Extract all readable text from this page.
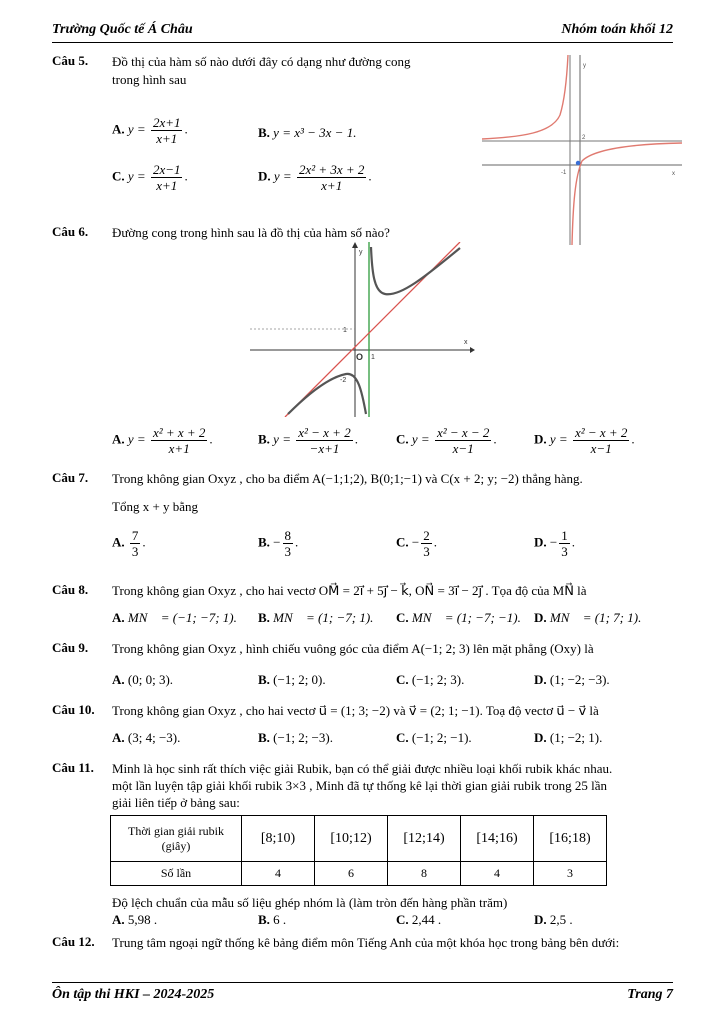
Trường Quốc tế Á Châu	Nhóm toán khối 12
Câu 5. Đồ thị của hàm số nào dưới đây có dạng như đường cong
trong hình sau
A. $y = \frac{2x+1}{x+1}$ .	B. y = x³ − 3x − 1.
C. $y = \frac{2x-1}{x+1}$ .	D. $y = \frac{\text{2x² + 3x + 2}}{x+1}$ .
y
x
2
-1
Câu 6. Đường cong trong hình sau là đồ thị của hàm số nào?
y
x
1
1
O
-2
A. $y = \frac{\text{x² + x + 2}}{x+1}$ .	B. $y = \frac{\text{x² − x + 2}}{-x+1}$ .	C. $y = \frac{\text{x² − x − 2}}{x-1}$ .	D. $y = \frac{\text{x² − x + 2}}{x-1}$ .
Câu 7. Trong không gian Oxyz , cho ba điểm A(−1;1;2), B(0;1;−1) và C(x + 2; y; −2) thẳng hàng.
Tổng x + y bằng
A. $\frac{7}{3}$ .	B. − $\frac{8}{3}$ .	C. − $\frac{2}{3}$ .	D. − $\frac{1}{3}$ .
Câu 8. Trong không gian Oxyz , cho hai vectơ OM⃗ = 2i⃗ + 5j⃗ − k⃗, ON⃗ = 3i⃗ − 2j⃗ . Tọa độ của MN⃗ là
A. MN⃗ = (−1; −7; 1). B. MN⃗ = (1; −7; 1). C. MN⃗ = (1; −7; −1). D. MN⃗ = (1; 7; 1).
Câu 9. Trong không gian Oxyz , hình chiếu vuông góc của điểm A(−1; 2; 3) lên mặt phẳng (Oxy) là
A. (0; 0; 3).	B. (−1; 2; 0).	C. (−1; 2; 3).	D. (1; −2; −3).
Câu 10. Trong không gian Oxyz , cho hai vectơ u⃗ = (1; 3; −2) và v⃗ = (2; 1; −1). Toạ độ vectơ u⃗ − v⃗ là
A. (3; 4; −3).	B. (−1; 2; −3).	C. (−1; 2; −1).	D. (1; −2; 1).
Câu 11. Minh là học sinh rất thích việc giải Rubik, bạn có thể giải được nhiều loại khối rubik khác nhau.
một lần luyện tập giải khối rubik 3×3 , Minh đã tự thống kê lại thời gian giải rubik trong 25 lần
giải liên tiếp ở bảng sau:
Thời gian giải rubik
(giây)	[8;10)	[10;12)	[12;14)	[14;16)	[16;18)
Số lần	4	6	8	4	3
Độ lệch chuẩn của mẫu số liệu ghép nhóm là (làm tròn đến hàng phần trăm)
A. 5,98 .	B. 6 .	C. 2,44 .	D. 2,5 .
Câu 12. Trung tâm ngoại ngữ thống kê bảng điểm môn Tiếng Anh của một khóa học trong bảng bên dưới:
Ôn tập thi HKI – 2024-2025	Trang 7
